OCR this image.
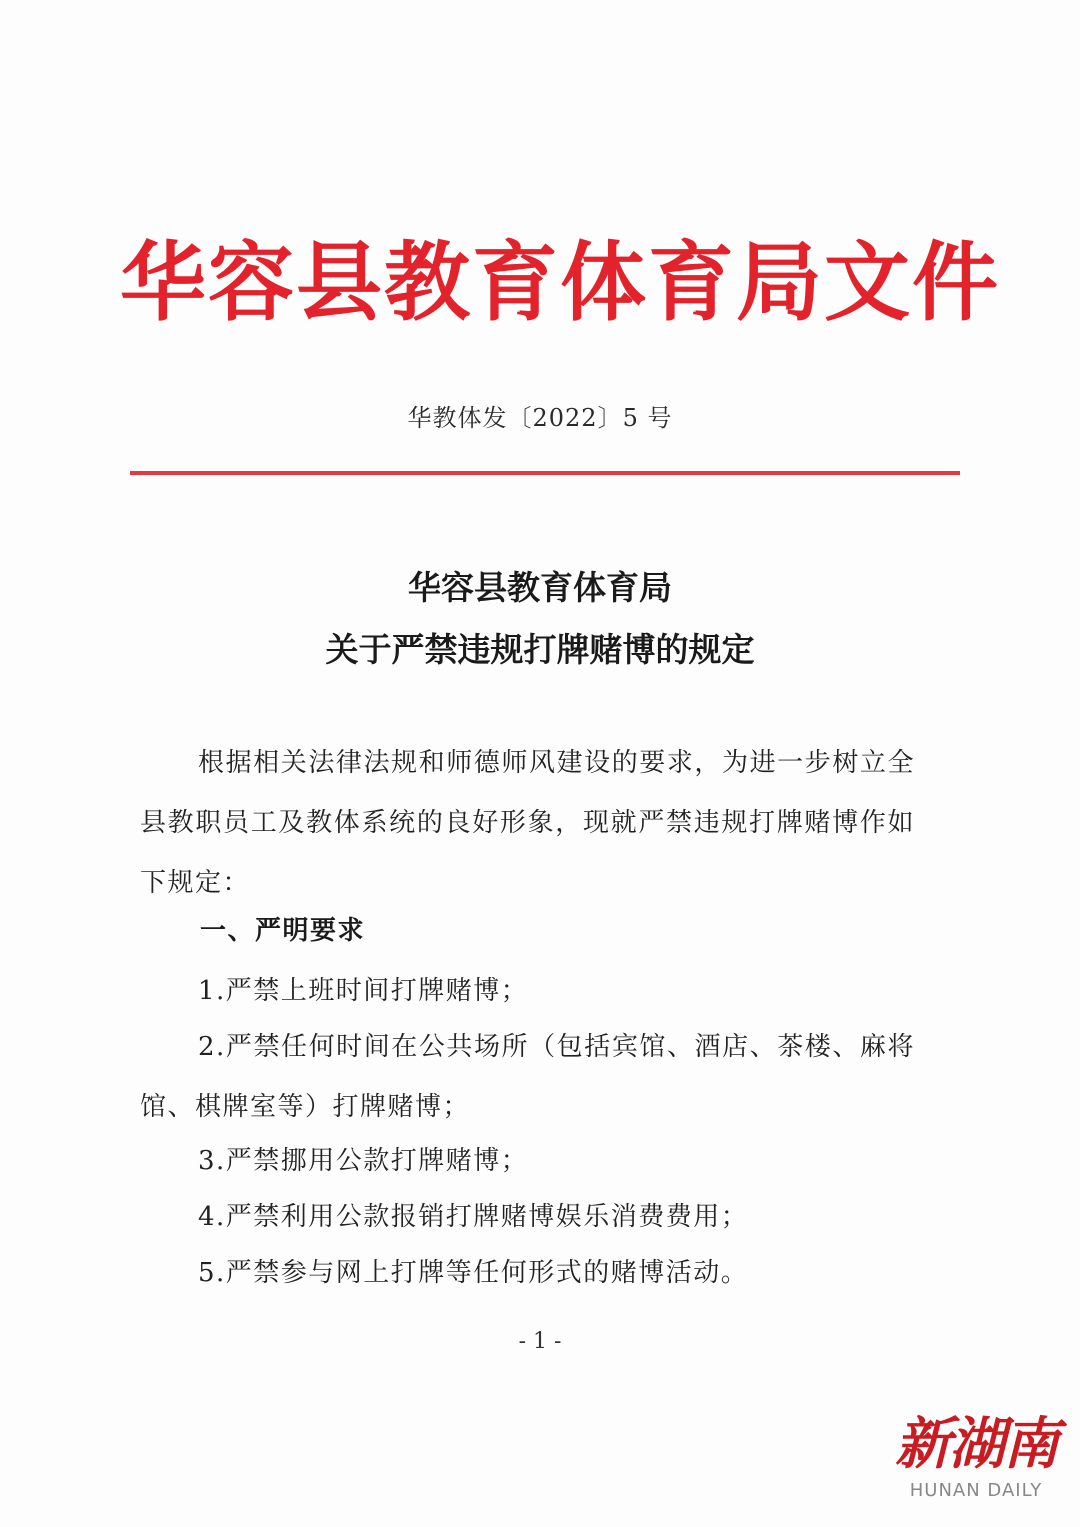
华容县教育体育局文件
华教体发〔2022〕5 号
华容县教育体育局
关于严禁违规打牌赌博的规定
根据相关法律法规和师德师风建设的要求，为进一步树立全县教职员工及教体系统的良好形象，现就严禁违规打牌赌博作如下规定：
一、严明要求
1.严禁上班时间打牌赌博；
2.严禁任何时间在公共场所（包括宾馆、酒店、茶楼、麻将馆、棋牌室等）打牌赌博；
3.严禁挪用公款打牌赌博；
4.严禁利用公款报销打牌赌博娱乐消费费用；
5.严禁参与网上打牌等任何形式的赌博活动。
- 1 -
新湖南
HUNAN DAILY
